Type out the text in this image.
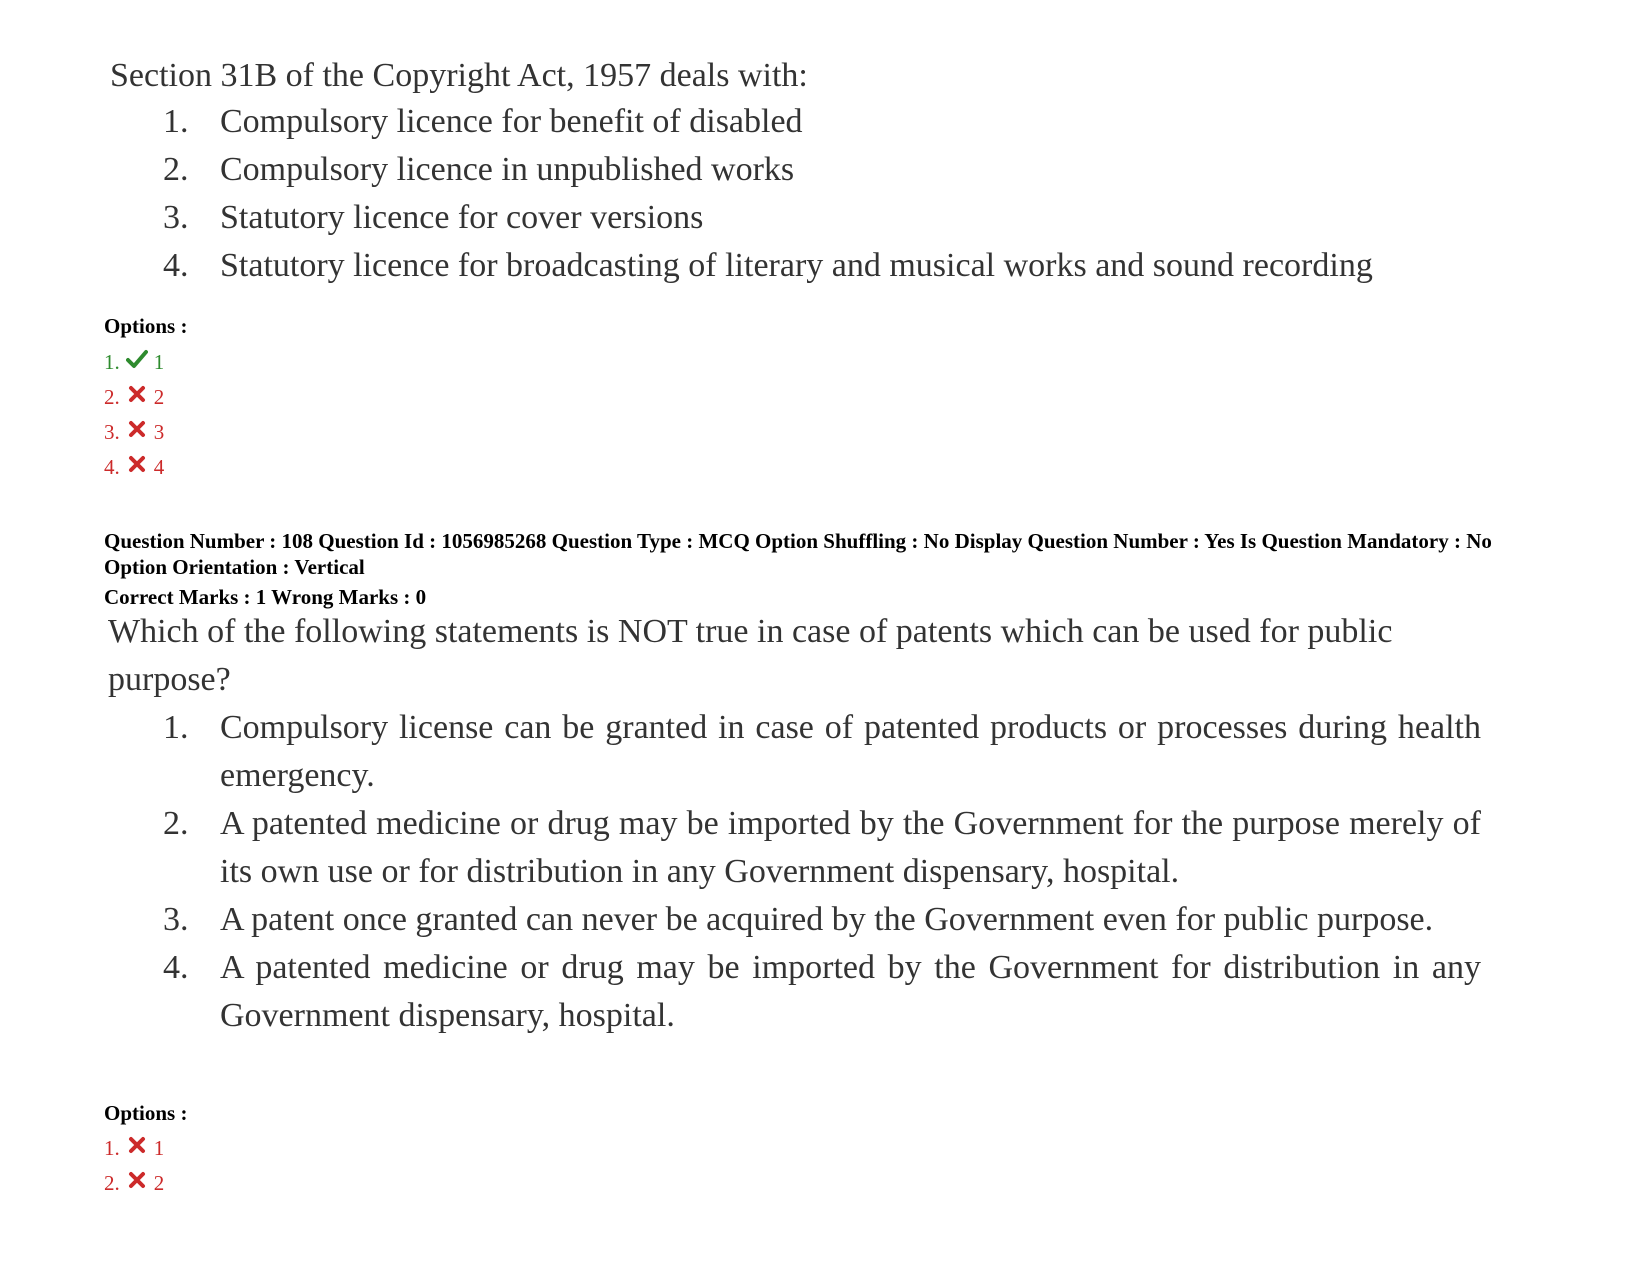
Section 31B of the Copyright Act, 1957 deals with:

1. Compulsory licence for benefit of disabled
2. Compulsory licence in unpublished works
3. Statutory licence for cover versions
4. Statutory licence for broadcasting of literary and musical works and sound recording
Options :
1. 1
2. 2
3. 3
4. 4

Question Number : 108 Question Id : 1056985268 Question Type : MCQ Option Shuffling : No Display Question Number : Yes Is Question Mandatory : No Option Orientation : Vertical

Correct Marks : 1 Wrong Marks : 0

Which of the following statements is NOT true in case of patents which can be used for public

purpose?

1. Compulsory license can be granted in case of patented products or processes during health emergency.
2. A patented medicine or drug may be imported by the Government for the purpose merely of its own use or for distribution in any Government dispensary, hospital.
3. A patent once granted can never be acquired by the Government even for public purpose.
4. A patented medicine or drug may be imported by the Government for distribution in any Government dispensary, hospital.
Options :
1. 1
2. 2
